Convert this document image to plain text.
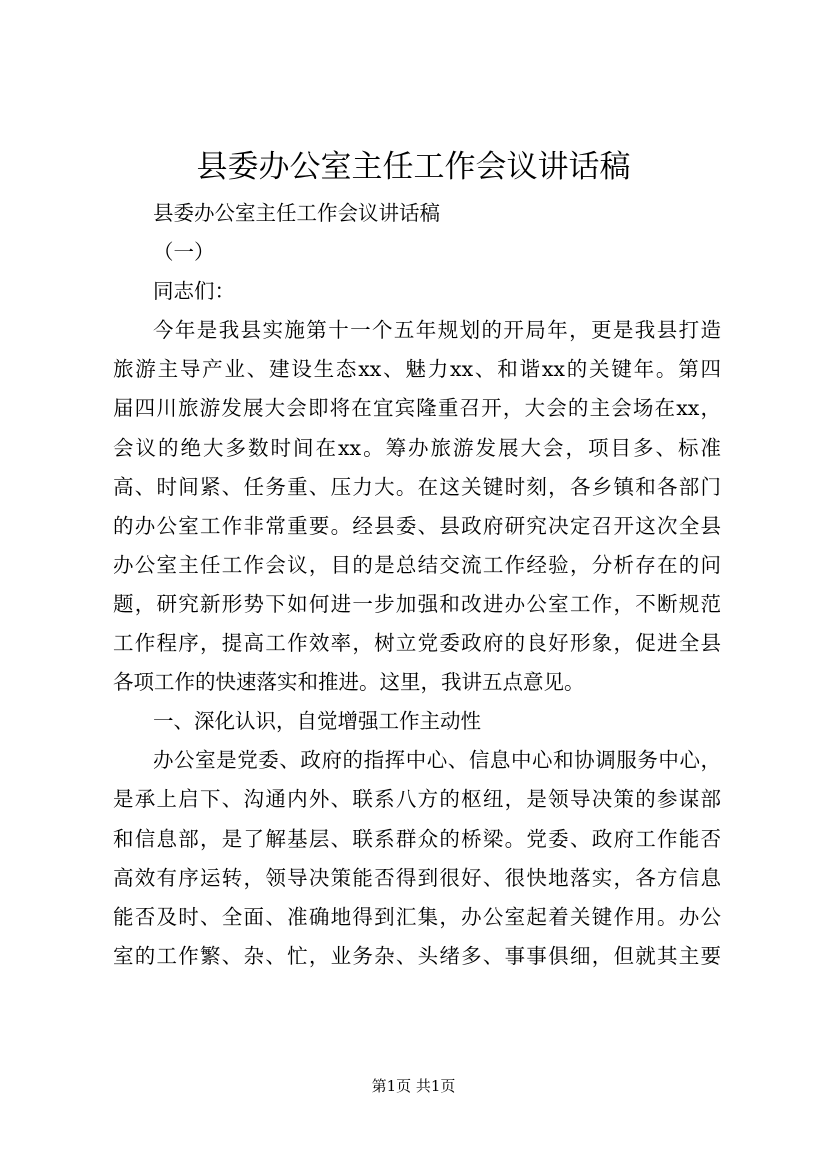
县委办公室主任工作会议讲话稿
县委办公室主任工作会议讲话稿
（一）
同志们：
今年是我县实施第十一个五年规划的开局年，更是我县打造
旅游主导产业、建设生态xx、魅力xx、和谐xx的关键年。第四
届四川旅游发展大会即将在宜宾隆重召开，大会的主会场在xx，
会议的绝大多数时间在xx。筹办旅游发展大会，项目多、标准
高、时间紧、任务重、压力大。在这关键时刻，各乡镇和各部门
的办公室工作非常重要。经县委、县政府研究决定召开这次全县
办公室主任工作会议，目的是总结交流工作经验，分析存在的问
题，研究新形势下如何进一步加强和改进办公室工作，不断规范
工作程序，提高工作效率，树立党委政府的良好形象，促进全县
各项工作的快速落实和推进。这里，我讲五点意见。
一、深化认识，自觉增强工作主动性
办公室是党委、政府的指挥中心、信息中心和协调服务中心，
是承上启下、沟通内外、联系八方的枢纽，是领导决策的参谋部
和信息部，是了解基层、联系群众的桥梁。党委、政府工作能否
高效有序运转，领导决策能否得到很好、很快地落实，各方信息
能否及时、全面、准确地得到汇集，办公室起着关键作用。办公
室的工作繁、杂、忙，业务杂、头绪多、事事俱细，但就其主要
第1页 共1页
